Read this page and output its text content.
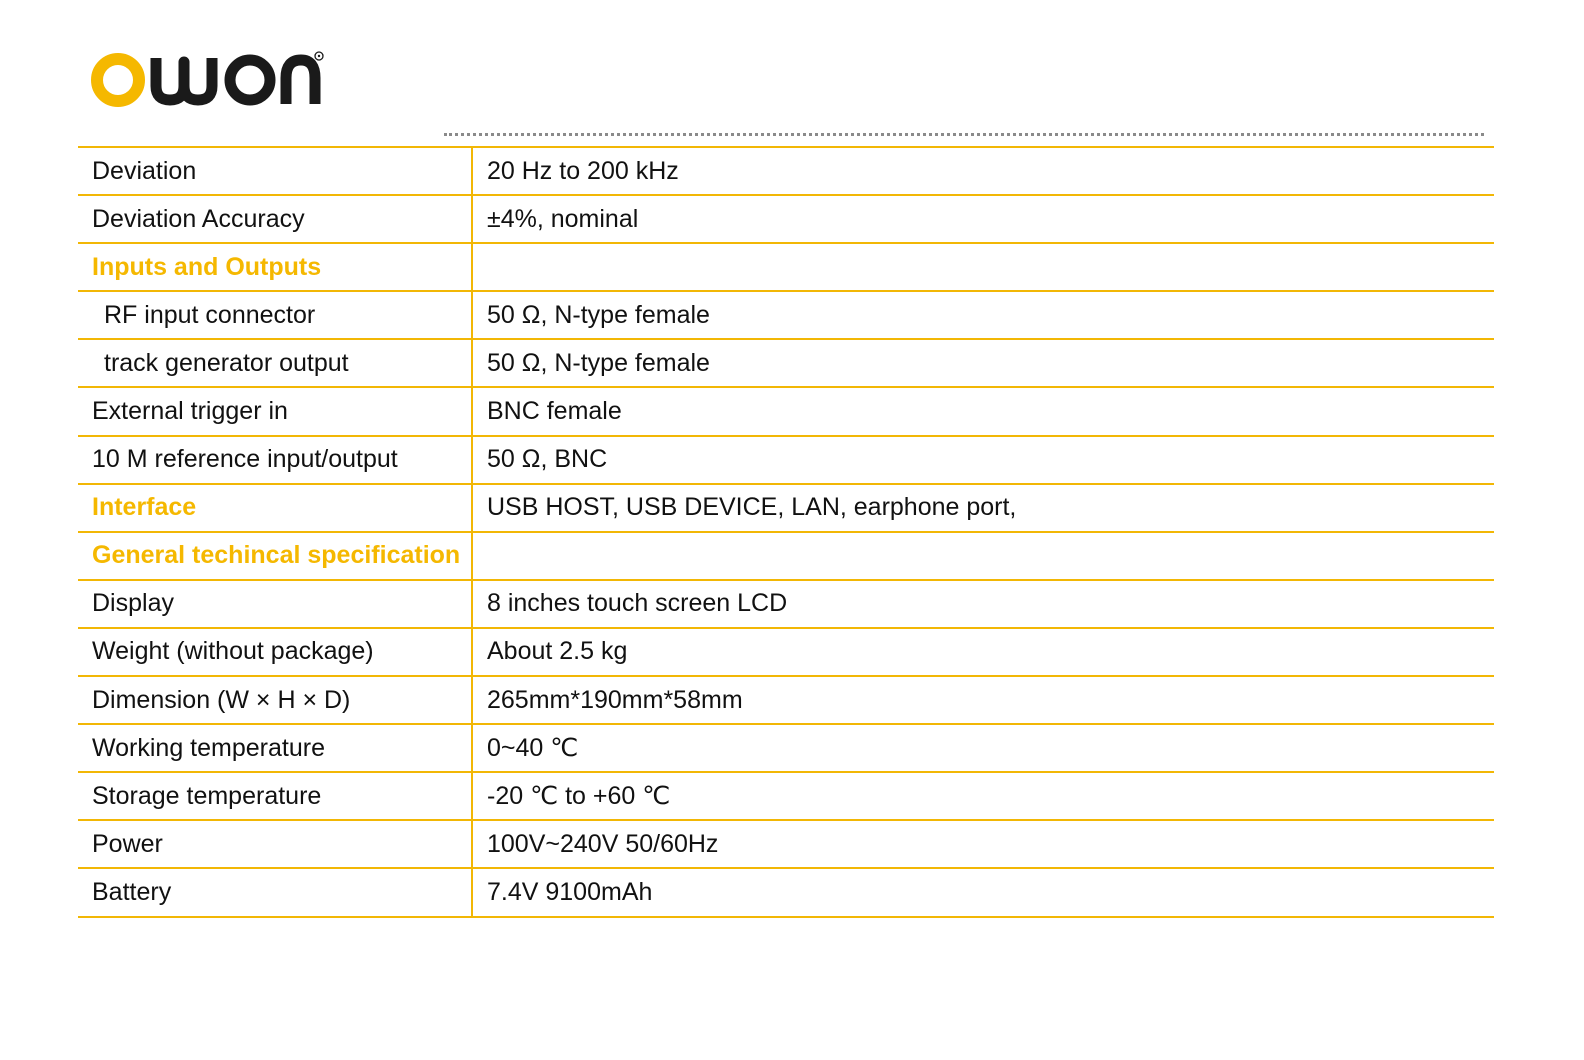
Deviation	20 Hz to 200 kHz
Deviation Accuracy	±4%, nominal
Inputs and Outputs	
RF input connector	50 Ω, N-type female
track generator output	50 Ω, N-type female
External trigger in	BNC female
10 M reference input/output	50 Ω, BNC
Interface	USB HOST, USB DEVICE, LAN, earphone port,
General techincal specification	
Display	8 inches touch screen LCD
Weight (without package)	About 2.5 kg
Dimension (W × H × D)	265mm*190mm*58mm
Working temperature	0~40 ℃
Storage temperature	-20 ℃ to +60 ℃
Power	100V~240V 50/60Hz
Battery	7.4V 9100mAh
